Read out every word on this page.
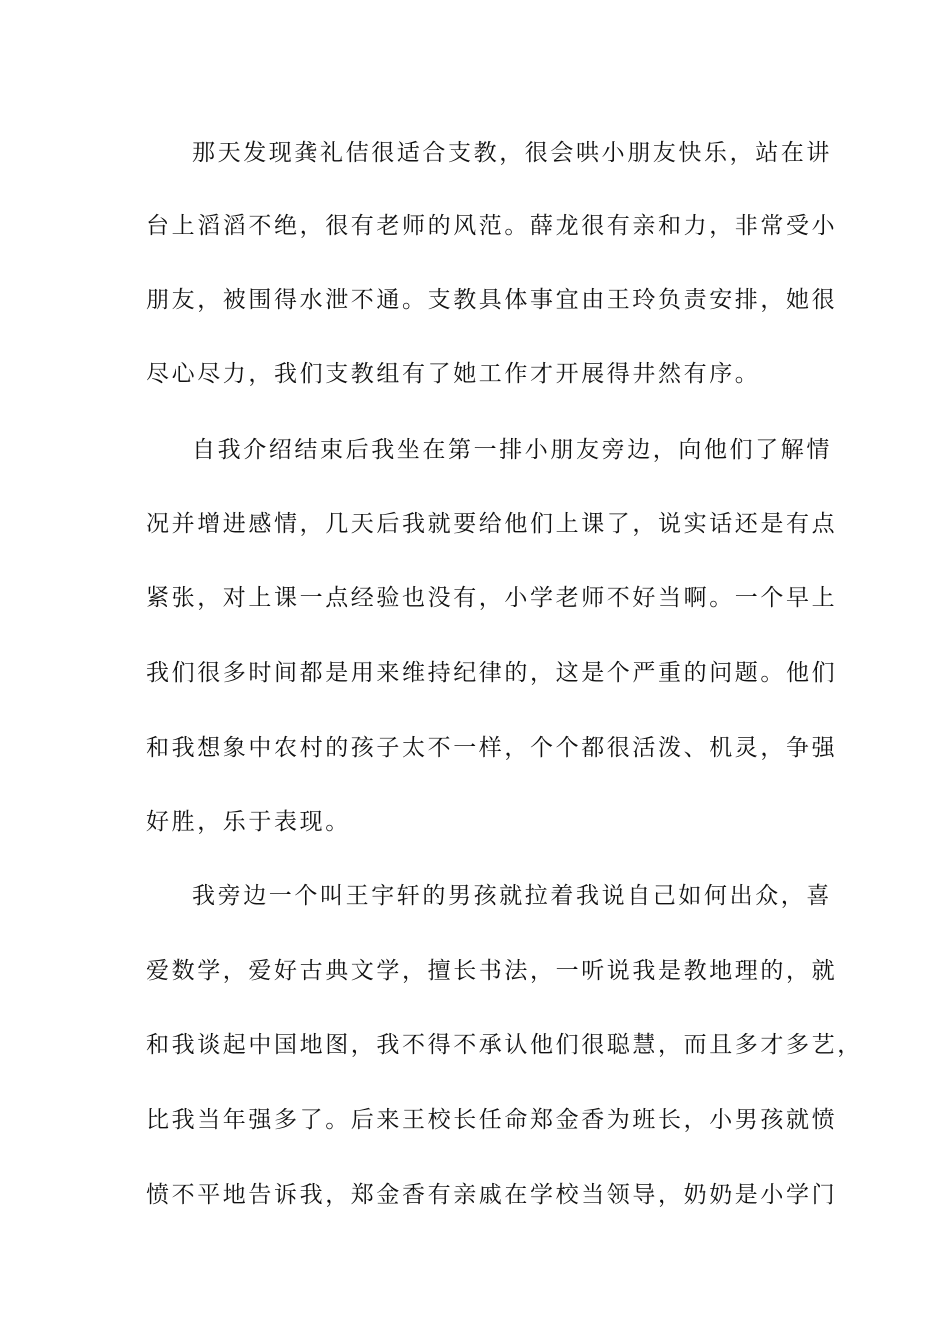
那天发现龚礼佶很适合支教，很会哄小朋友快乐，站在讲
台上滔滔不绝，很有老师的风范。薛龙很有亲和力，非常受小
朋友，被围得水泄不通。支教具体事宜由王玲负责安排，她很
尽心尽力，我们支教组有了她工作才开展得井然有序。
自我介绍结束后我坐在第一排小朋友旁边，向他们了解情
况并增进感情，几天后我就要给他们上课了，说实话还是有点
紧张，对上课一点经验也没有，小学老师不好当啊。一个早上
我们很多时间都是用来维持纪律的，这是个严重的问题。他们
和我想象中农村的孩子太不一样，个个都很活泼、机灵，争强
好胜，乐于表现。
我旁边一个叫王宇轩的男孩就拉着我说自己如何出众，喜
爱数学，爱好古典文学，擅长书法，一听说我是教地理的，就
和我谈起中国地图，我不得不承认他们很聪慧，而且多才多艺，
比我当年强多了。后来王校长任命郑金香为班长，小男孩就愤
愤不平地告诉我，郑金香有亲戚在学校当领导，奶奶是小学门
